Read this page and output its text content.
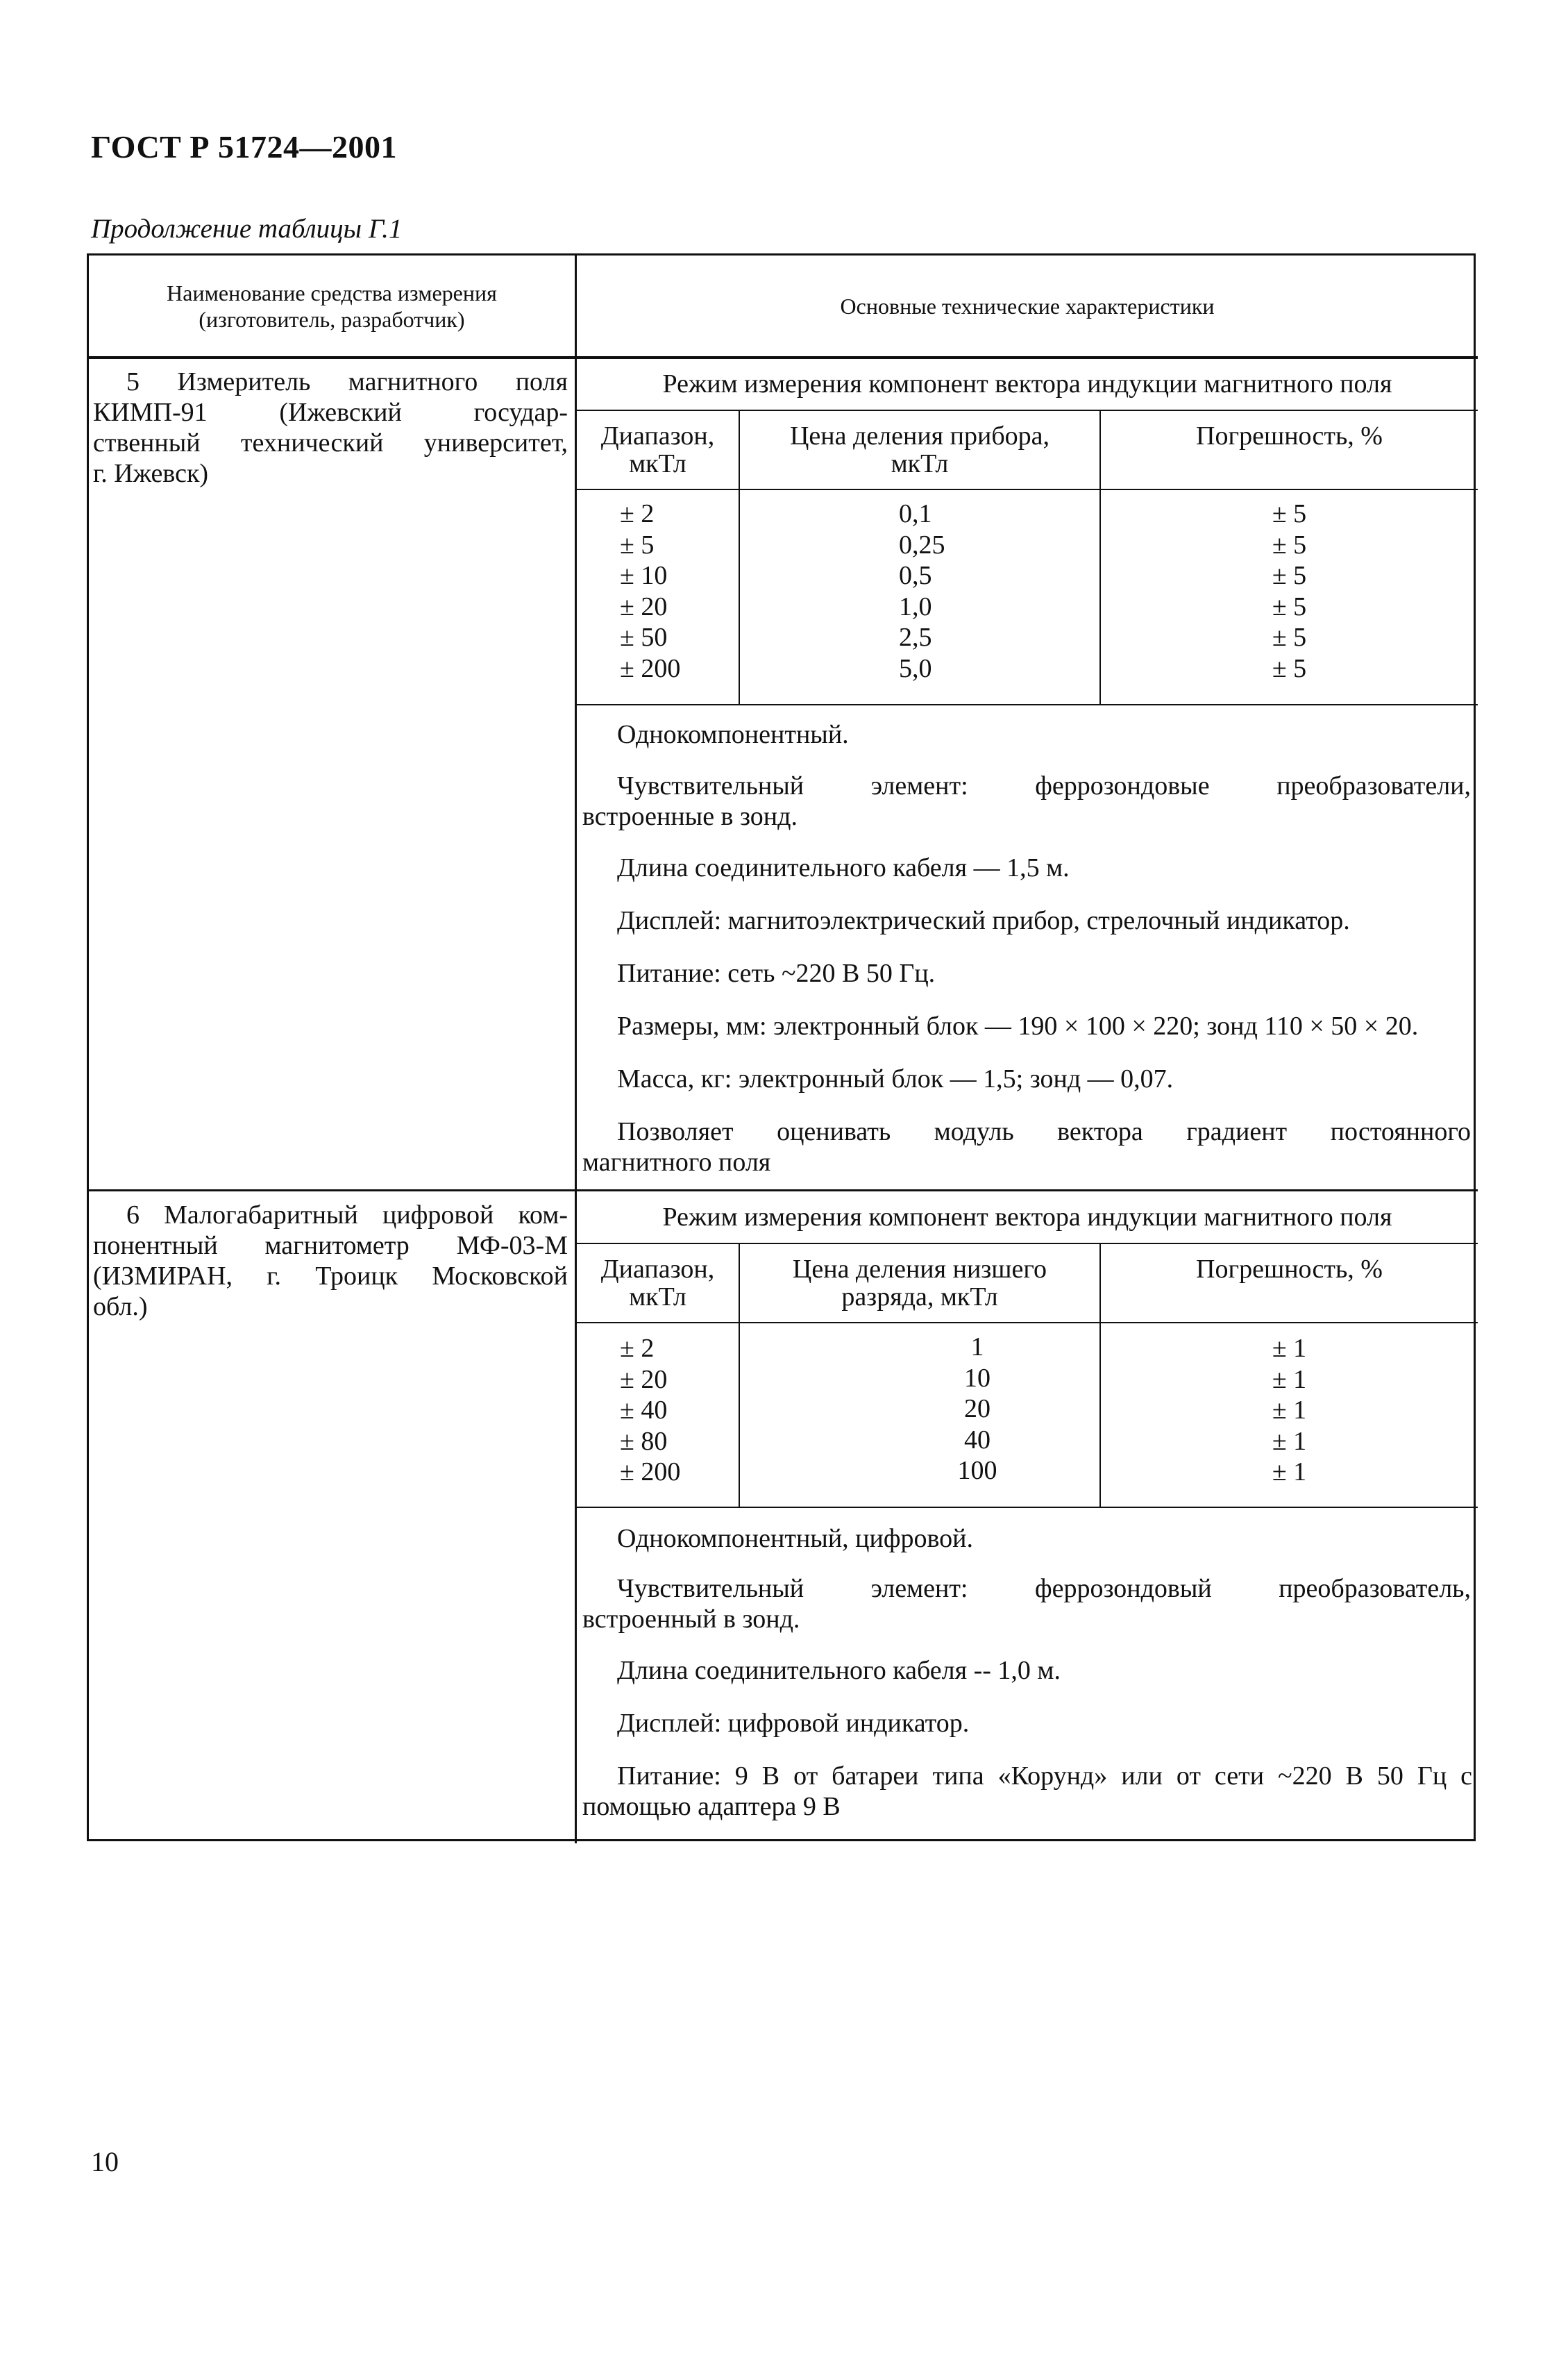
ГОСТ Р 51724—2001
Продолжение таблицы Г.1
Наименование средства измерения
(изготовитель, разработчик)
Основные технические характеристики
5 Измеритель магнитного поля
КИМП-91 (Ижевский государ-
ственный технический университет,
г. Ижевск)
Режим измерения компонент вектора индукции магнитного поля
Диапазон,
мкТл
Цена деления прибора,
мкТл
Погрешность, %
± 2
± 5
± 10
± 20
± 50
± 200
0,1
0,25
0,5
1,0
2,5
5,0
± 5
± 5
± 5
± 5
± 5
± 5
Однокомпонентный.
Чувствительный элемент: феррозондовые преобразователи,
встроенные в зонд.
Длина соединительного кабеля — 1,5 м.
Дисплей: магнитоэлектрический прибор, стрелочный индикатор.
Питание: сеть ~220 В 50 Гц.
Размеры, мм: электронный блок — 190 × 100 × 220; зонд 110 × 50 × 20.
Масса, кг: электронный блок — 1,5; зонд — 0,07.
Позволяет оценивать модуль вектора градиент постоянного
магнитного поля
6 Малогабаритный цифровой ком-
понентный магнитометр МФ-03-М
(ИЗМИРАН, г. Троицк Московской
обл.)
Режим измерения компонент вектора индукции магнитного поля
Диапазон,
мкТл
Цена деления низшего
разряда, мкТл
Погрешность, %
± 2
± 20
± 40
± 80
± 200
1
10
20
40
100
± 1
± 1
± 1
± 1
± 1
Однокомпонентный, цифровой.
Чувствительный элемент: феррозондовый преобразователь,
встроенный в зонд.
Длина соединительного кабеля -- 1,0 м.
Дисплей: цифровой индикатор.
Питание: 9 В от батареи типа «Корунд» или от сети ~220 В 50 Гц с
помощью адаптера 9 В
10
